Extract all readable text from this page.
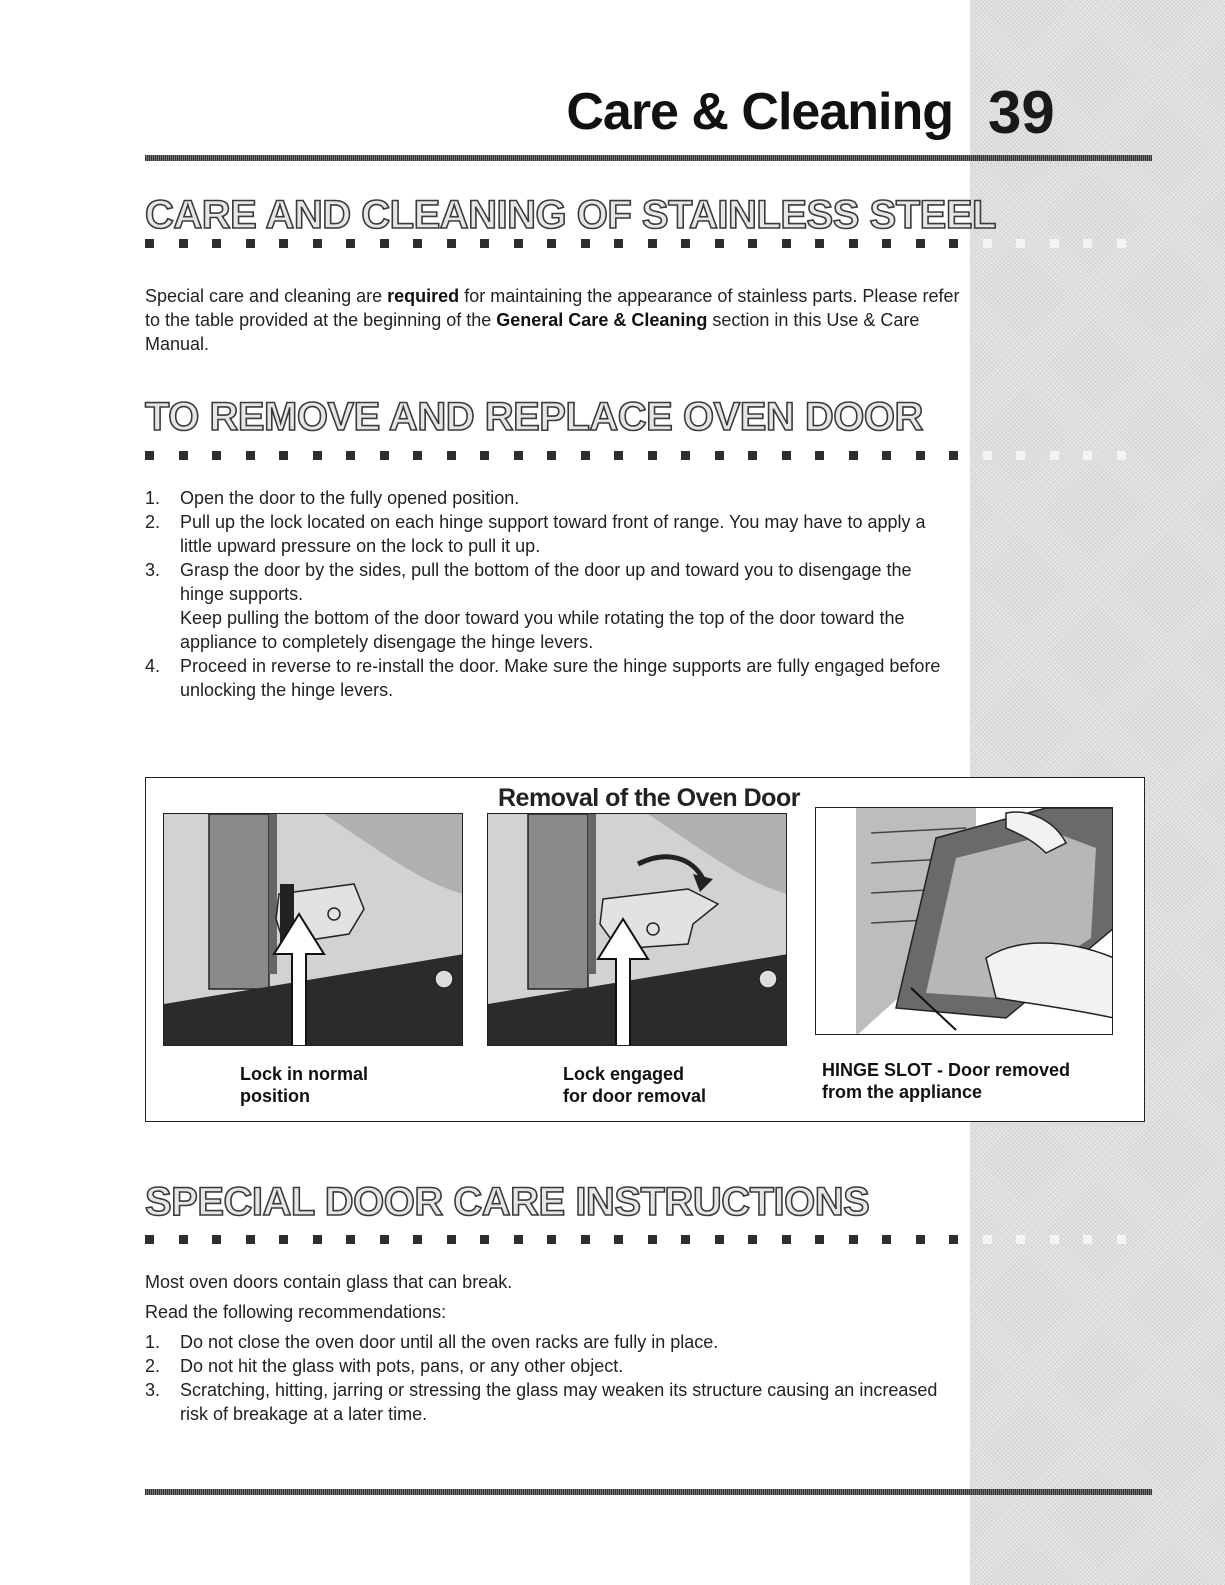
Care & Cleaning 39
CARE AND CLEANING OF STAINLESS STEEL

Special care and cleaning are required for maintaining the appearance of stainless parts. Please refer to the table provided at the beginning of the General Care & Cleaning section in this Use & Care Manual.

TO REMOVE AND REPLACE OVEN DOOR
1. Open the door to the fully opened position.
2. Pull up the lock located on each hinge support toward front of range. You may have to apply a little upward pressure on the lock to pull it up.
3. Grasp the door by the sides, pull the bottom of the door up and toward you to disengage the hinge supports.
Keep pulling the bottom of the door toward you while rotating the top of the door toward the appliance to completely disengage the hinge levers.
4. Proceed in reverse to re-install the door. Make sure the hinge supports are fully engaged before unlocking the hinge levers.
Removal of the Oven Door
Lock in normal
position
Lock engaged
for door removal
HINGE SLOT - Door removed
from the appliance
SPECIAL DOOR CARE INSTRUCTIONS

Most oven doors contain glass that can break.

Read the following recommendations:

1. Do not close the oven door until all the oven racks are fully in place.
2. Do not hit the glass with pots, pans, or any other object.
3. Scratching, hitting, jarring or stressing the glass may weaken its structure causing an increased risk of breakage at a later time.
